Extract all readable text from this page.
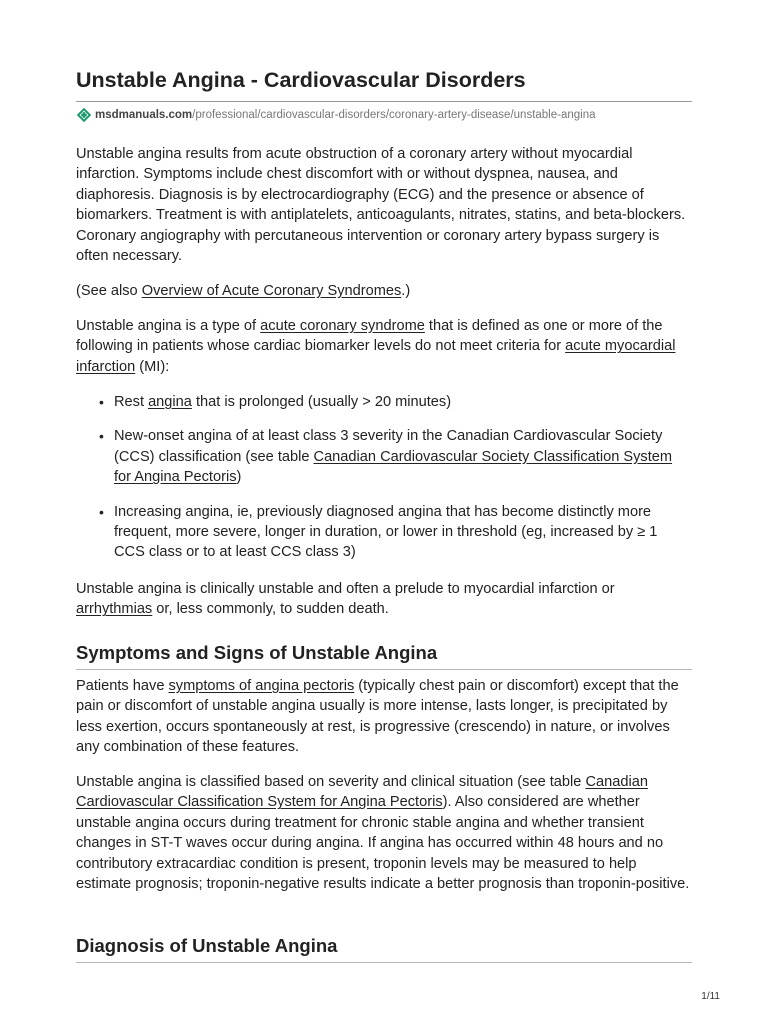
Unstable Angina - Cardiovascular Disorders
msdmanuals.com /professional/cardiovascular-disorders/coronary-artery-disease/unstable-angina

Unstable angina results from acute obstruction of a coronary artery without myocardial infarction. Symptoms include chest discomfort with or without dyspnea, nausea, and diaphoresis. Diagnosis is by electrocardiography (ECG) and the presence or absence of biomarkers. Treatment is with antiplatelets, anticoagulants, nitrates, statins, and beta-blockers. Coronary angiography with percutaneous intervention or coronary artery bypass surgery is often necessary.

(See also Overview of Acute Coronary Syndromes.)

Unstable angina is a type of acute coronary syndrome that is defined as one or more of the following in patients whose cardiac biomarker levels do not meet criteria for acute myocardial infarction (MI):

• Rest angina that is prolonged (usually > 20 minutes)
• New-onset angina of at least class 3 severity in the Canadian Cardiovascular Society (CCS) classification (see table Canadian Cardiovascular Society Classification System for Angina Pectoris)
• Increasing angina, ie, previously diagnosed angina that has become distinctly more frequent, more severe, longer in duration, or lower in threshold (eg, increased by ≥ 1 CCS class or to at least CCS class 3)

Unstable angina is clinically unstable and often a prelude to myocardial infarction or arrhythmias or, less commonly, to sudden death.

Symptoms and Signs of Unstable Angina

Patients have symptoms of angina pectoris (typically chest pain or discomfort) except that the pain or discomfort of unstable angina usually is more intense, lasts longer, is precipitated by less exertion, occurs spontaneously at rest, is progressive (crescendo) in nature, or involves any combination of these features.

Unstable angina is classified based on severity and clinical situation (see table Canadian Cardiovascular Classification System for Angina Pectoris). Also considered are whether unstable angina occurs during treatment for chronic stable angina and whether transient changes in ST-T waves occur during angina. If angina has occurred within 48 hours and no contributory extracardiac condition is present, troponin levels may be measured to help estimate prognosis; troponin-negative results indicate a better prognosis than troponin-positive.

Diagnosis of Unstable Angina
1/11
